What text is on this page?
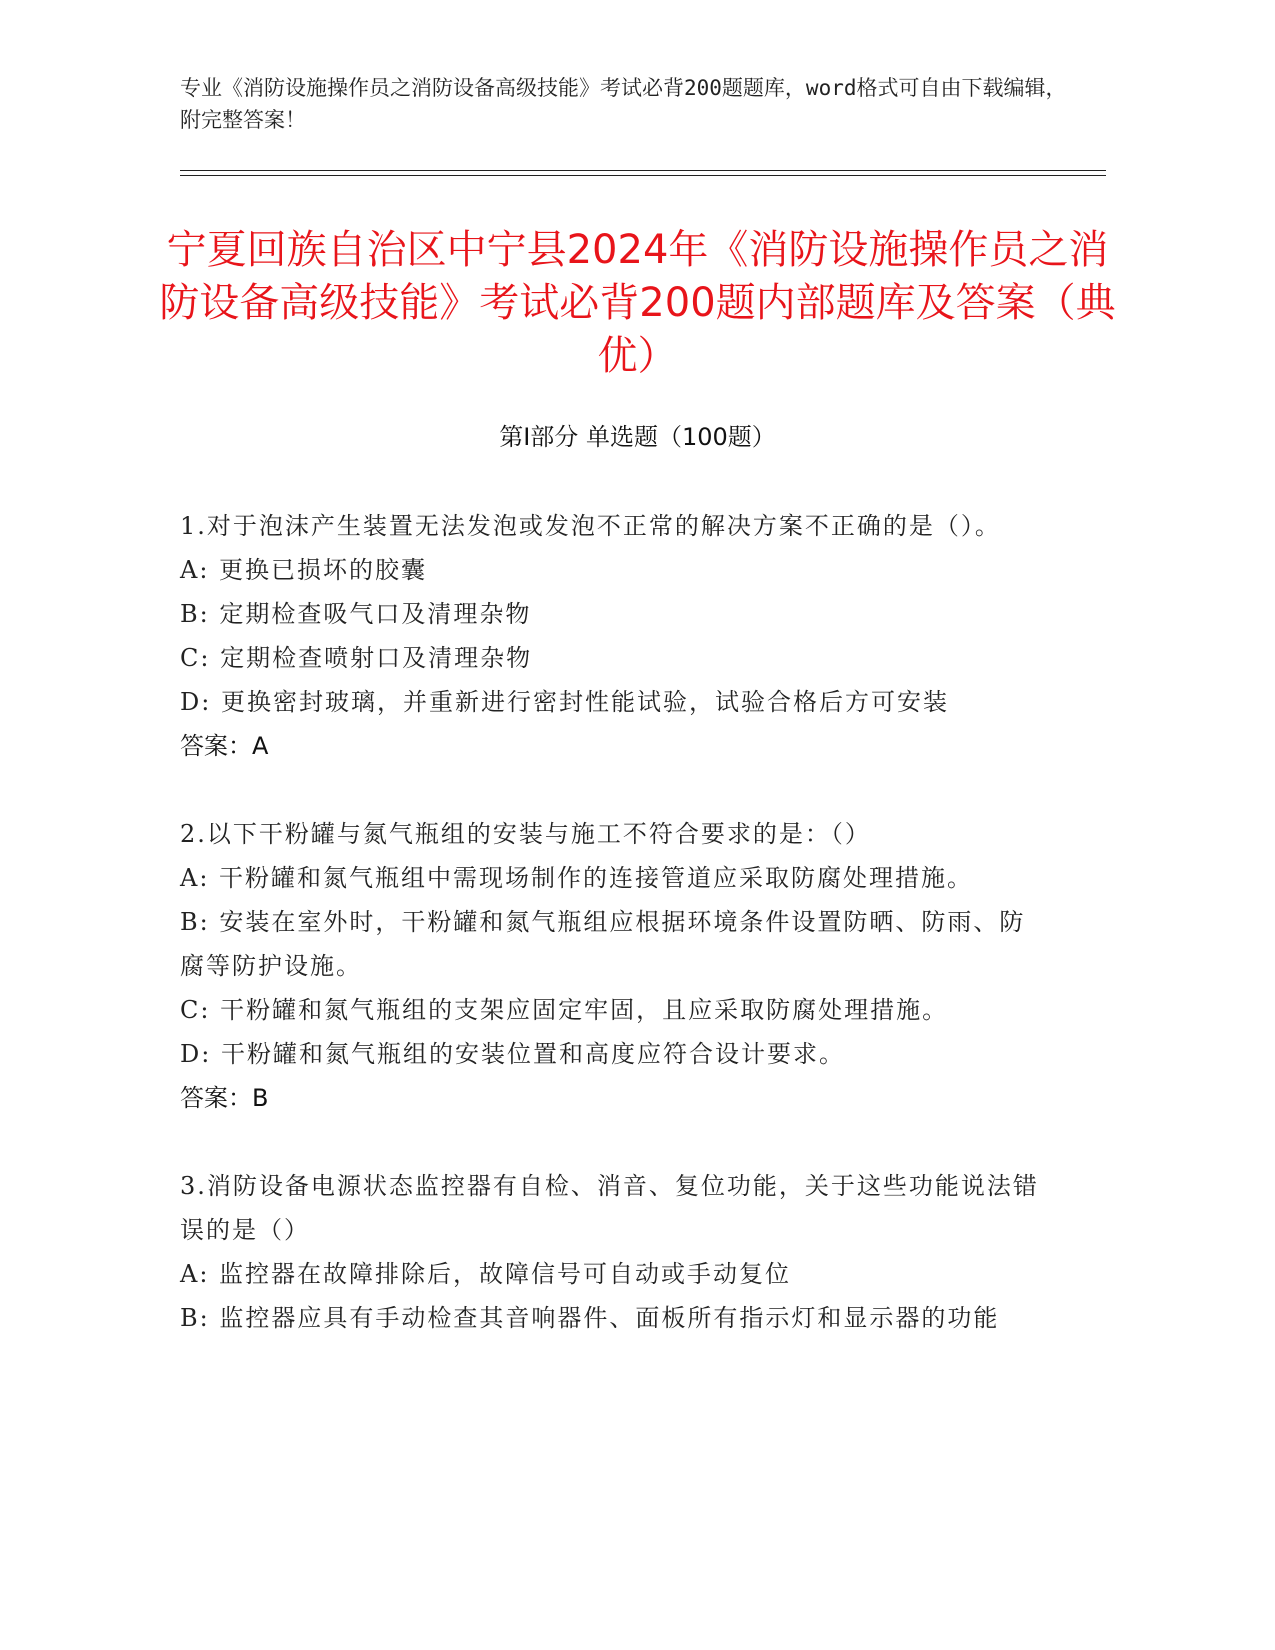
专业《消防设施操作员之消防设备高级技能》考试必背200题题库，word格式可自由下载编辑，附完整答案！
宁夏回族自治区中宁县2024年《消防设施操作员之消防设备高级技能》考试必背200题内部题库及答案（典优）
第Ⅰ部分 单选题（100题）

1.对于泡沫产生装置无法发泡或发泡不正常的解决方案不正确的是（）。

A: 更换已损坏的胶囊

B: 定期检查吸气口及清理杂物

C: 定期检查喷射口及清理杂物

D: 更换密封玻璃，并重新进行密封性能试验，试验合格后方可安装

答案：A

2.以下干粉罐与氮气瓶组的安装与施工不符合要求的是：（）

A: 干粉罐和氮气瓶组中需现场制作的连接管道应采取防腐处理措施。

B: 安装在室外时，干粉罐和氮气瓶组应根据环境条件设置防晒、防雨、防腐等防护设施。

C: 干粉罐和氮气瓶组的支架应固定牢固，且应采取防腐处理措施。

D: 干粉罐和氮气瓶组的安装位置和高度应符合设计要求。

答案：B

3.消防设备电源状态监控器有自检、消音、复位功能，关于这些功能说法错误的是（）

A: 监控器在故障排除后，故障信号可自动或手动复位

B: 监控器应具有手动检查其音响器件、面板所有指示灯和显示器的功能
